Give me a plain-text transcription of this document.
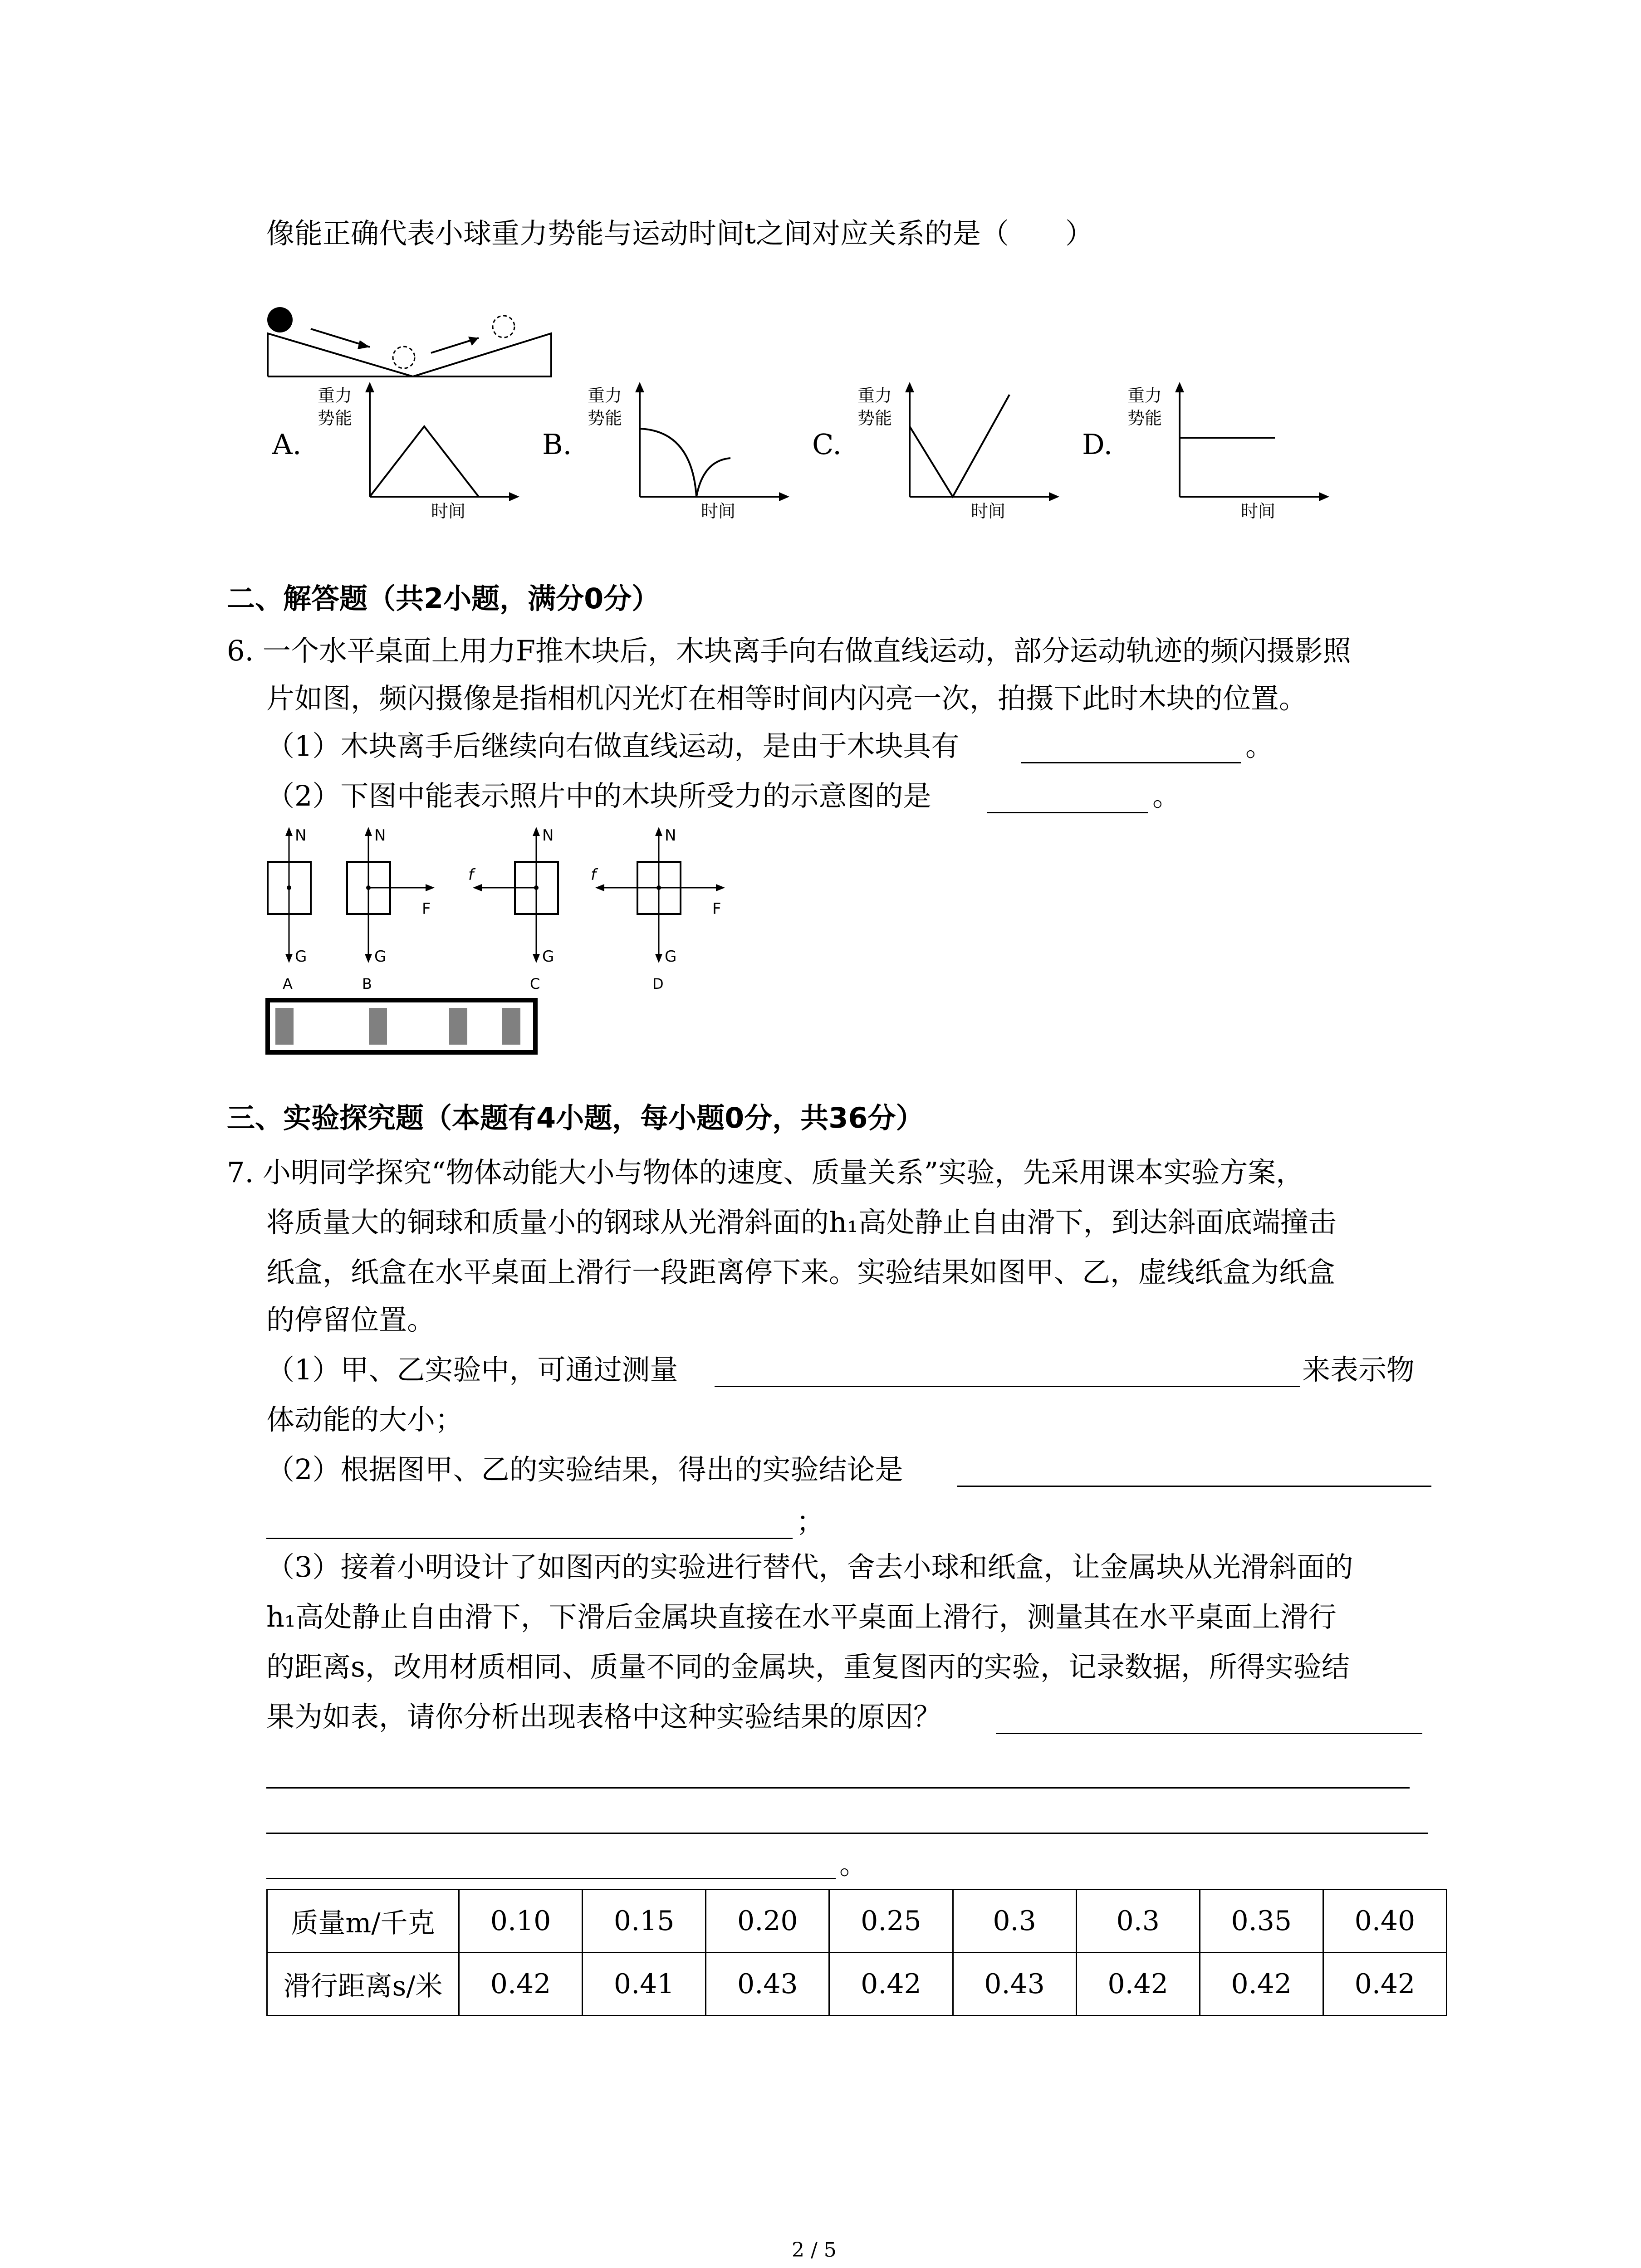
像能正确代表小球重力势能与运动时间t之间对应关系的是（　　）
A.	B.	C.	D.
重力
势能
时间
重力
势能
时间
重力
势能
时间
重力
势能
时间
二、解答题（共2小题，满分0分）
6. 一个水平桌面上用力F推木块后，木块离手向右做直线运动，部分运动轨迹的频闪摄影照
片如图，频闪摄像是指相机闪光灯在相等时间内闪亮一次，拍摄下此时木块的位置。
（1）木块离手后继续向右做直线运动，是由于木块具有	。
（2）下图中能表示照片中的木块所受力的示意图的是	。
N
G
A
N
G
F
B
N
G
f
C
N
G
f
F
D
三、实验探究题（本题有4小题，每小题0分，共36分）
7. 小明同学探究“物体动能大小与物体的速度、质量关系”实验，先采用课本实验方案，
将质量大的铜球和质量小的钢球从光滑斜面的h₁高处静止自由滑下，到达斜面底端撞击
纸盒，纸盒在水平桌面上滑行一段距离停下来。实验结果如图甲、乙，虚线纸盒为纸盒
的停留位置。
（1）甲、乙实验中，可通过测量	来表示物
体动能的大小；
（2）根据图甲、乙的实验结果，得出的实验结论是
；
（3）接着小明设计了如图丙的实验进行替代，舍去小球和纸盒，让金属块从光滑斜面的
h₁高处静止自由滑下，下滑后金属块直接在水平桌面上滑行，测量其在水平桌面上滑行
的距离s，改用材质相同、质量不同的金属块，重复图丙的实验，记录数据，所得实验结
果为如表，请你分析出现表格中这种实验结果的原因？
。
质量m/千克	0.10	0.15	0.20	0.25	0.3	0.3	0.35	0.40
滑行距离s/米	0.42	0.41	0.43	0.42	0.43	0.42	0.42	0.42
2 / 5
